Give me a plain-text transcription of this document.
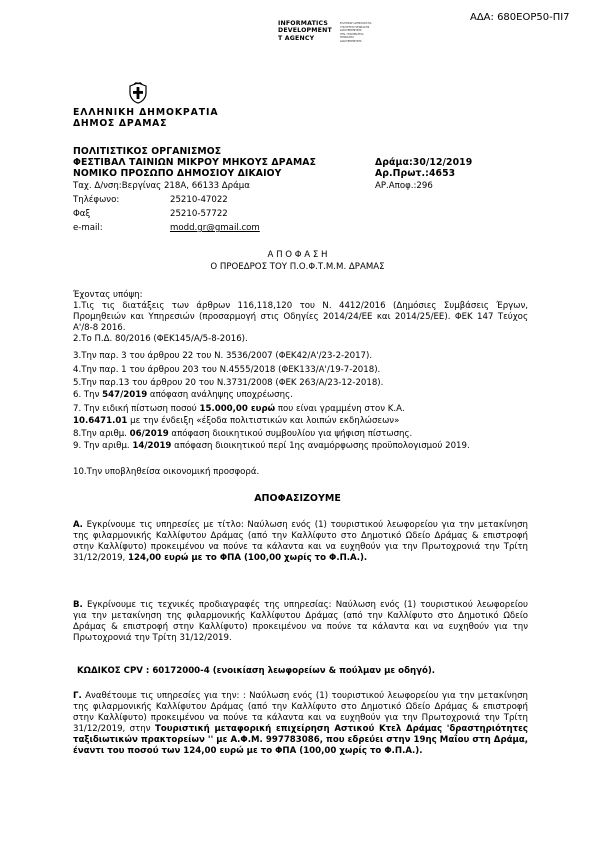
ΑΔΑ: 680ΕΟΡ50-ΠΙ7
INFORMATICS
DEVELOPMENT
T AGENCY
ΕΛΛΗΝΙΚΗ ΔΗΜΟΚΡΑΤΙΑ
ΥΠΟΥΡΓΕΙΟ ΨΗΦΙΑΚΗΣ
ΔΙΑΚΥΒΕΡΝΗΣΗΣ
ΓΕΝ. ΓΡΑΜΜΑΤΕΙΑ
ΨΗΦΙΑΚΗΣ
ΔΙΑΚΥΒΕΡΝΗΣΗΣ
ΕΛΛΗΝΙΚΗ ΔΗΜΟΚΡΑΤΙΑ
ΔΗΜΟΣ ΔΡΑΜΑΣ
ΠΟΛΙΤΙΣΤΙΚΟΣ ΟΡΓΑΝΙΣΜΟΣ
ΦΕΣΤΙΒΑΛ ΤΑΙΝΙΩΝ ΜΙΚΡΟΥ ΜΗΚΟΥΣ ΔΡΑΜΑΣ
ΝΟΜΙΚΟ ΠΡΟΣΩΠΟ ΔΗΜΟΣΙΟΥ ΔΙΚΑΙΟΥ
Δράμα:30/12/2019
Αρ.Πρωτ.:4653
ΑΡ.Αποφ.:296
Ταχ. Δ/νση:Βεργίνας 218Α, 66133 Δράμα
Τηλέφωνο:	25210-47022
Φαξ	25210-57722
e-mail:	modd.gr@gmail.com
Α Π Ο Φ Α Σ Η
Ο ΠΡΟΕΔΡΟΣ ΤΟΥ Π.Ο.Φ.Τ.Μ.Μ. ΔΡΑΜΑΣ
Έχοντας υπόψη:
1.Τις τις διατάξεις των άρθρων 116,118,120 του Ν. 4412/2016 (Δημόσιες Συμβάσεις Έργων, Προμηθειών και Υπηρεσιών (προσαρμογή στις Οδηγίες 2014/24/ΕΕ και 2014/25/ΕΕ). ΦΕΚ 147 Τεύχος Α'/8-8 2016.
2.Το Π.Δ. 80/2016 (ΦΕΚ145/Α/5-8-2016).
3.Την παρ. 3 του άρθρου 22 του Ν. 3536/2007 (ΦΕΚ42/Α'/23-2-2017).
4.Την παρ. 1 του άρθρου 203 του Ν.4555/2018 (ΦΕΚ133/Α'/19-7-2018).
5.Την παρ.13 του άρθρου 20 του Ν.3731/2008 (ΦΕΚ 263/Α/23-12-2018).
6. Την 547/2019 απόφαση ανάληψης υποχρέωσης.
7. Την ειδική πίστωση ποσού 15.000,00 ευρώ που είναι γραμμένη στον Κ.Α.
10.6471.01 με την ένδειξη «έξοδα πολιτιστικών και λοιπών εκδηλώσεων»
8.Την αριθμ. 06/2019 απόφαση διοικητικού συμβουλίου για ψήφιση πίστωσης.
9. Την αριθμ. 14/2019 απόφαση διοικητικού περί 1ης αναμόρφωσης προϋπολογισμού 2019.
10.Την υποβληθείσα οικονομική προσφορά.
ΑΠΟΦΑΣΙΖΟΥΜΕ
Α. Εγκρίνουμε τις υπηρεσίες με τίτλο: Ναύλωση ενός (1) τουριστικού λεωφορείου για την μετακίνηση της φιλαρμονικής Καλλίφυτου Δράμας (από την Καλλίφυτο στο Δημοτικό Ωδείο Δράμας & επιστροφή στην Καλλίφυτο) προκειμένου να πούνε τα κάλαντα και να ευχηθούν για την Πρωτοχρονιά την Τρίτη 31/12/2019, 124,00 ευρώ με το ΦΠΑ (100,00 χωρίς το Φ.Π.Α.).
Β. Εγκρίνουμε τις τεχνικές προδιαγραφές της υπηρεσίας: Ναύλωση ενός (1) τουριστικού λεωφορείου για την μετακίνηση της φιλαρμονικής Καλλίφυτου Δράμας (από την Καλλίφυτο στο Δημοτικό Ωδείο Δράμας & επιστροφή στην Καλλίφυτο) προκειμένου να πούνε τα κάλαντα και να ευχηθούν για την Πρωτοχρονιά την Τρίτη 31/12/2019.
ΚΩΔΙΚΟΣ CPV : 60172000-4 (ενοικίαση λεωφορείων & πούλμαν με οδηγό).
Γ. Αναθέτουμε τις υπηρεσίες για την: : Ναύλωση ενός (1) τουριστικού λεωφορείου για την μετακίνηση της φιλαρμονικής Καλλίφυτου Δράμας (από την Καλλίφυτο στο Δημοτικό Ωδείο Δράμας & επιστροφή στην Καλλίφυτο) προκειμένου να πούνε τα κάλαντα και να ευχηθούν για την Πρωτοχρονιά την Τρίτη 31/12/2019, στην Τουριστική μεταφορική επιχείρηση Αστικού Κτελ Δράμας 'δραστηριότητες ταξιδιωτικών πρακτορείων '' με Α.Φ.Μ. 997783086, που εδρεύει στην 19ης Μαΐου στη Δράμα, έναντι του ποσού των 124,00 ευρώ με το ΦΠΑ (100,00 χωρίς το Φ.Π.Α.).
